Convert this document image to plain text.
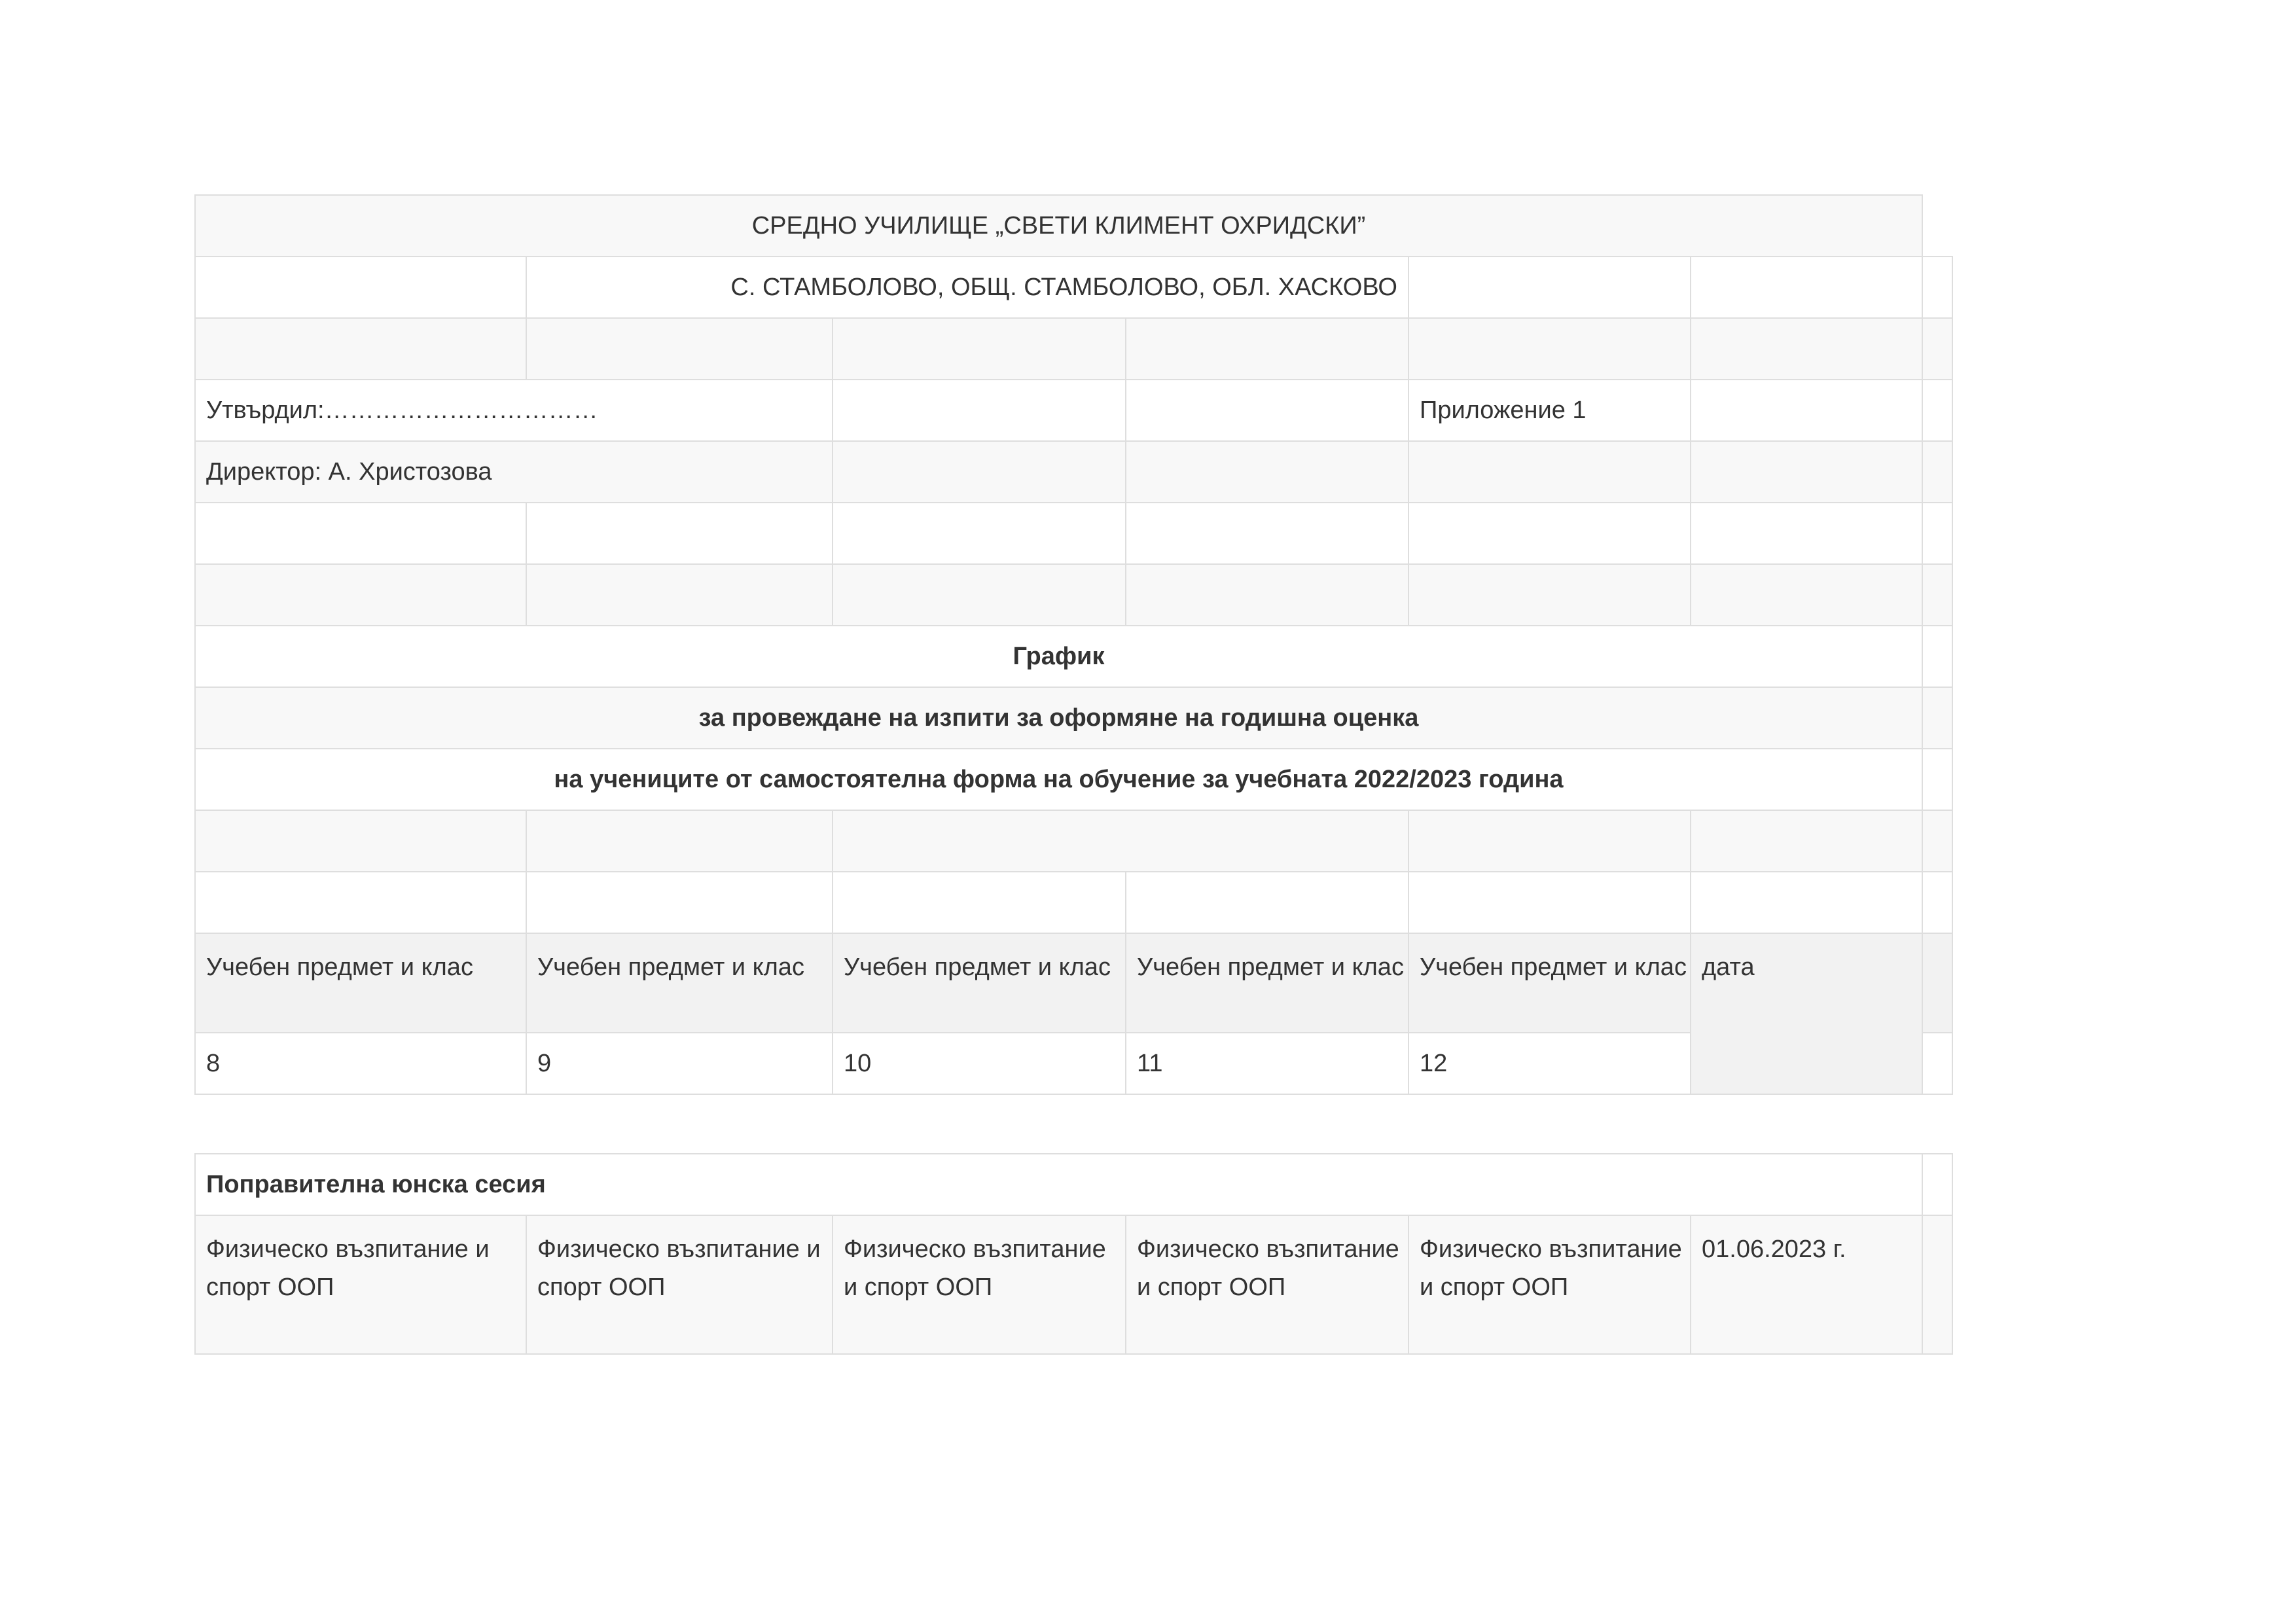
СРЕДНО УЧИЛИЩЕ „СВЕТИ КЛИМЕНТ ОХРИДСКИ”						
	С. СТАМБОЛОВО, ОБЩ. СТАМБОЛОВО, ОБЛ. ХАСКОВО					

Утвърдил:……………………………				Приложение 1		
Директор: А. Христозова						

График						
за провеждане на изпити за оформяне на годишна оценка						
на учениците от самостоятелна форма на обучение за учебната 2022/2023 година						

Учебен предмет и клас	Учебен предмет и клас	Учебен предмет и клас	Учебен предмет и клас	Учебен предмет и клас	дата	
8	9	10	11	12		
Поправителна юнска сесия						
Физическо възпитание и спорт ООП	Физическо възпитание и спорт ООП	Физическо възпитание и спорт ООП	Физическо възпитание и спорт ООП	Физическо възпитание и спорт ООП	01.06.2023 г.	
